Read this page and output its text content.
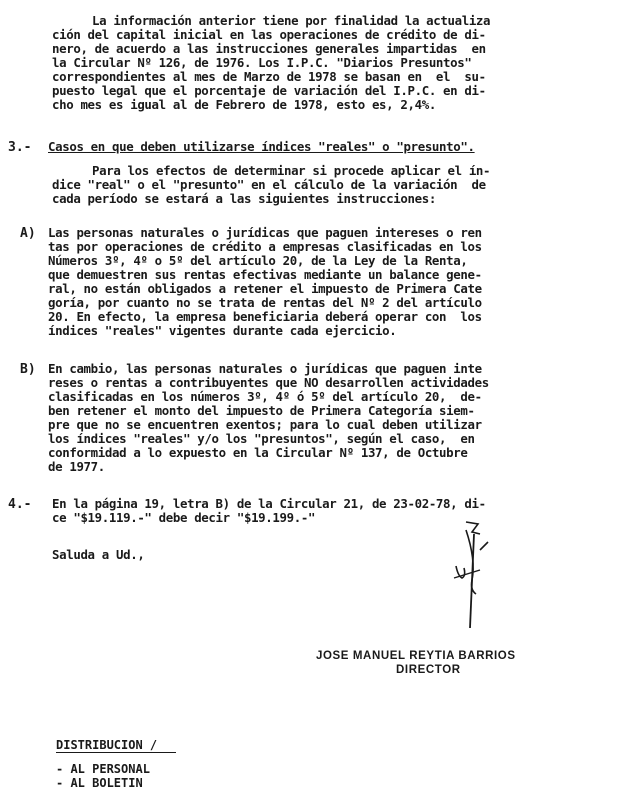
La información anterior tiene por finalidad la actualiza
ción del capital inicial en las operaciones de crédito de di-
nero, de acuerdo a las instrucciones generales impartidas  en
la Circular Nº 126, de 1976. Los I.P.C. "Diarios Presuntos"
correspondientes al mes de Marzo de 1978 se basan en  el  su-
puesto legal que el porcentaje de variación del I.P.C. en di-
cho mes es igual al de Febrero de 1978, esto es, 2,4%.
3.- Casos en que deben utilizarse índices "reales" o "presunto".
Para los efectos de determinar si procede aplicar el ín-
dice "real" o el "presunto" en el cálculo de la variación  de
cada período se estará a las siguientes instrucciones:
A) Las personas naturales o jurídicas que paguen intereses o ren
tas por operaciones de crédito a empresas clasificadas en los
Números 3º, 4º o 5º del artículo 20, de la Ley de la Renta,
que demuestren sus rentas efectivas mediante un balance gene-
ral, no están obligados a retener el impuesto de Primera Cate
goría, por cuanto no se trata de rentas del Nº 2 del artículo
20. En efecto, la empresa beneficiaria deberá operar con  los
índices "reales" vigentes durante cada ejercicio.
B) En cambio, las personas naturales o jurídicas que paguen inte
reses o rentas a contribuyentes que NO desarrollen actividades
clasificadas en los números 3º, 4º ó 5º del artículo 20,  de-
ben retener el monto del impuesto de Primera Categoría siem-
pre que no se encuentren exentos; para lo cual deben utilizar
los índices "reales" y/o los "presuntos", según el caso,  en
conformidad a lo expuesto en la Circular Nº 137, de Octubre
de 1977.
4.- En la página 19, letra B) de la Circular 21, de 23-02-78, di-
ce "$19.119.-" debe decir "$19.199.-"
Saluda a Ud.,
JOSE MANUEL REYTIA BARRIOS
DIRECTOR
DISTRIBUCION /
- AL PERSONAL
- AL BOLETIN
